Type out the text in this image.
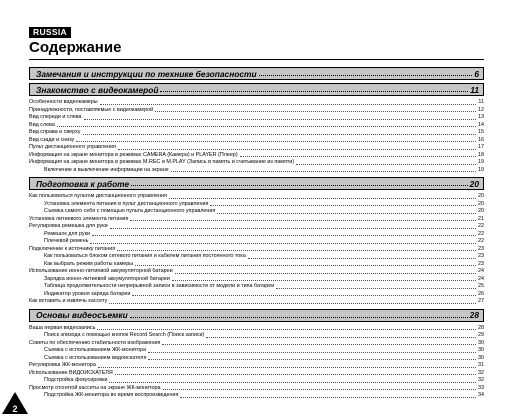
RUSSIA
Содержание
Замечания и инструкции по технике безопасности	6
Знакомство с видеокамерой	11
Особенности видеокамеры	11
Принадлежности, поставляемые с видеокамерой	12
Вид спереди и слева	13
Вид слева	14
Вид справа и сверху	15
Вид сзади и снизу	16
Пульт дистанционного управления	17
Информация на экране монитора в режимах CAMERA (Камера) и PLAYER (Плеер)	18
Информация на экране монитора в режимах M.REC и M.PLAY (Запись в память и считывание из памяти)	19
Включение и выключение информации на экране	19
Подготовка к работе	20
Как пользоваться пультом дистанционного управления	20
Установка элемента питания в пульт дистанционного управления	20
Съемка самого себя с помощью пульта дистанционного управления	20
Установка литиевого элемента питания	21
Регулировка ремешка для руки	22
Ремешок для руки	22
Плечевой ремень	22
Подключение к источнику питания	23
Как пользоваться блоком сетевого питания и кабелем питания постоянного тока	23
Как выбрать режим работы камеры	23
Использование ионно-литиевой аккумуляторной батареи	24
Зарядка ионно-литиевой аккумуляторной батареи	24
Таблица продолжительности непрерывной записи в зависимости от модели и типа батареи	25
Индикатор уровня заряда батареи	26
Как вставить и извлечь кассету	27
Основы видеосъемки	28
Ваша первая видеозапись	28
Поиск эпизода с помощью кнопок Record Search (Поиск записи)	29
Советы по обеспечению стабильности изображения	30
Съемка с использованием ЖК-монитора	30
Съемка с использованием видоискателя	30
Регулировка ЖК-монитора	31
Использование ВИДОИСКАТЕЛЯ	32
Подстройка фокусировки	32
Просмотр отснятой кассеты на экране ЖК-монитора	33
Подстройка ЖК-монитора во время воспроизведения	34
2
